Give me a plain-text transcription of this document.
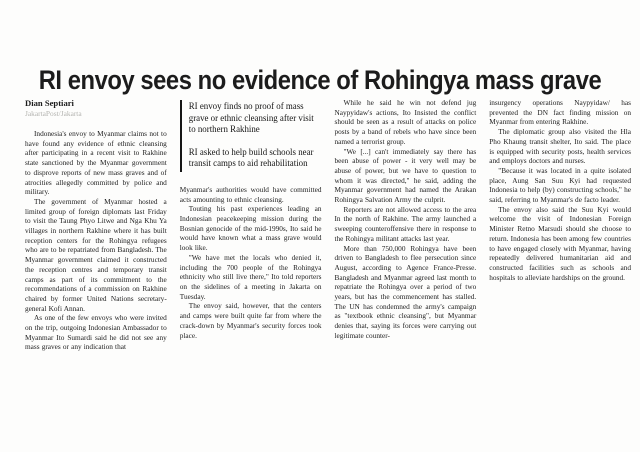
RI envoy sees no evidence of Rohingya mass grave

Dian Septiari

JakartaPost/Jakarta

Indonesia's envoy to Myanmar claims not to have found any evidence of ethnic cleansing after participating in a recent visit to Rakhine state sanctioned by the Myanmar government to disprove reports of new mass graves and of atrocities allegedly committed by police and military.

The government of Myanmar hosted a limited group of foreign diplomats last Friday to visit the Taung Phyo Litwe and Nga Khu Ya villages in northern Rakhine where it has built reception centers for the Rohingya refugees who are to be repatriated from Bangladesh. The Myanmar government claimed it constructed the reception centres and temporary transit camps as part of its commitment to the recommendations of a commission on Rakhine chaired by former United Nations secretary-general Kofi Annan.

As one of the few envoys who were invited on the trip, outgoing Indonesian Ambassador to Myanmar Ito Sumardi said he did not see any mass graves or any indication that

RI envoy finds no proof of mass grave or ethnic cleansing after visit to northern Rakhine

RI asked to help build schools near transit camps to aid rehabilitation

Myanmar's authorities would have committed acts amounting to ethnic cleansing.

Touting his past experiences leading an Indonesian peacekeeping mission during the Bosnian genocide of the mid-1990s, Ito said he would have known what a mass grave would look like.

"We have met the locals who denied it, including the 700 people of the Rohingya ethnicity who still live there," Ito told reporters on the sidelines of a meeting in Jakarta on Tuesday.

The envoy said, however, that the centers and camps were built quite far from where the crack-down by Myanmar's security forces took place.

While he said he win not defend jug Naypyidaw's actions, Ito Insisted the conflict should be seen as a result of attacks on police posts by a band of rebels who have since been named a terrorist group.

"We [...] can't immediately say there has been abuse of power - it very well may be abuse of power, but we have to question to whom it was directed," he said, adding the Myanmar government had named the Arakan Rohingya Salvation Army the culprit.

Reporters are not allowed access to the area In the north of Rakhine. The army launched a sweeping counteroffensive there in response to the Rohingya militant attacks last year.

More than 750,000 Rohingya have been driven to Bangladesh to flee persecution since August, according to Agence France-Presse. Bangladesh and Myanmar agreed last month to repatriate the Rohingya over a period of two years, but has the commencement has stalled. The UN has condemned the army's campaign as "textbook ethnic cleansing", but Myanmar denies that, saying its forces were carrying out legitimate counter-

insurgency operations Naypyidaw/ has prevented the DN fact finding mission on Myanmar from entering Rakhine.

The diplomatic group also visited the Hla Pho Khaung transit shelter, Ito said. The place is equipped with security posts, health services and employs doctors and nurses.

"Because it was located in a quite isolated place, Aung San Suu Kyi had requested Indonesia to help (by) constructing schools," he said, referring to Myanmar's de facto leader.

The envoy also said the Suu Kyi would welcome the visit of Indonesian Foreign Minister Retno Marsudi should she choose to return. Indonesia has been among few countries to have engaged closely with Myanmar, having repeatedly delivered humanitarian aid and constructed facilities such as schools and hospitals to alleviate hardships on the ground.
